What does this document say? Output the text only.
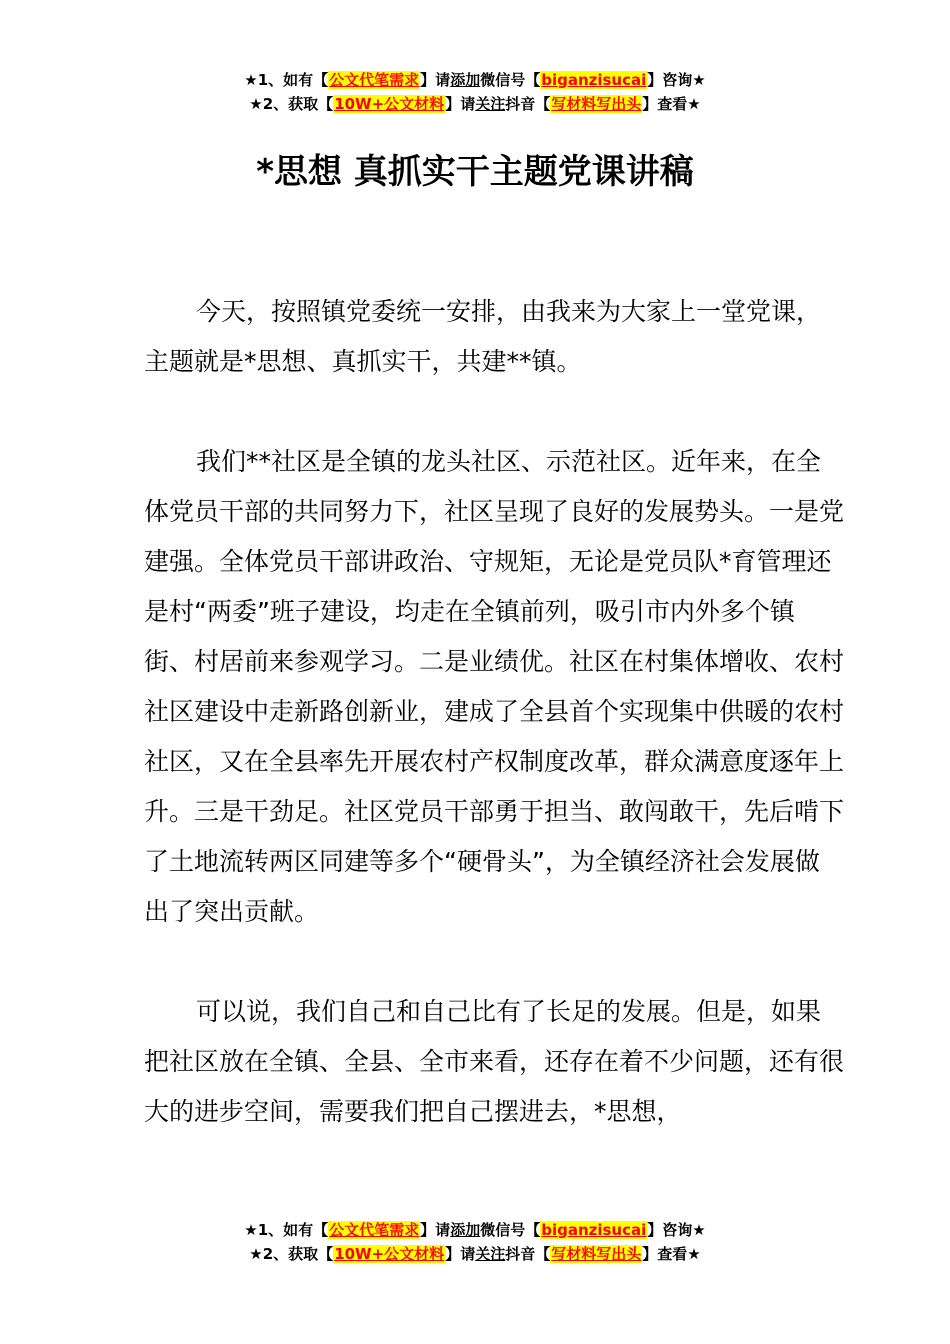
★1、如有【公文代笔需求】请添加微信号【biganzisucai】咨询★
★2、获取【10W+公文材料】请关注抖音【写材料写出头】查看★
*思想 真抓实干主题党课讲稿

今天，按照镇党委统一安排，由我来为大家上一堂党课，主题就是*思想、真抓实干，共建**镇。

我们**社区是全镇的龙头社区、示范社区。近年来，在全体党员干部的共同努力下，社区呈现了良好的发展势头。一是党建强。全体党员干部讲政治、守规矩，无论是党员队*育管理还是村“两委”班子建设，均走在全镇前列，吸引市内外多个镇街、村居前来参观学习。二是业绩优。社区在村集体增收、农村社区建设中走新路创新业，建成了全县首个实现集中供暖的农村社区，又在全县率先开展农村产权制度改革，群众满意度逐年上升。三是干劲足。社区党员干部勇于担当、敢闯敢干，先后啃下了土地流转两区同建等多个“硬骨头”，为全镇经济社会发展做出了突出贡献。

可以说，我们自己和自己比有了长足的发展。但是，如果把社区放在全镇、全县、全市来看，还存在着不少问题，还有很大的进步空间，需要我们把自己摆进去，*思想，

★1、如有【公文代笔需求】请添加微信号【biganzisucai】咨询★
★2、获取【10W+公文材料】请关注抖音【写材料写出头】查看★
